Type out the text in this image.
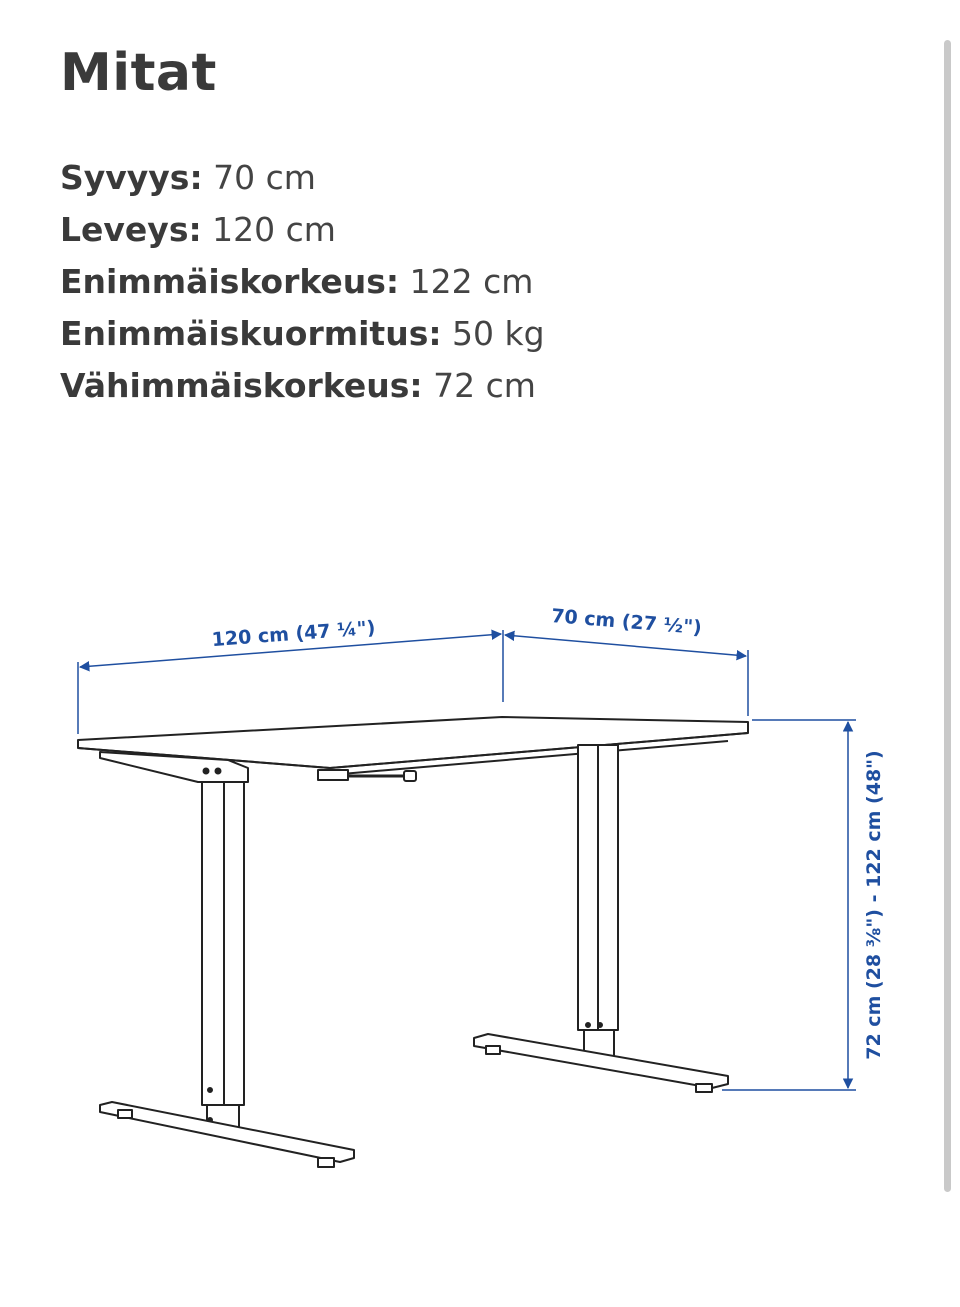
Mitat
Syvyys: 70 cm
Leveys: 120 cm
Enimmäiskorkeus: 122 cm
Enimmäiskuormitus: 50 kg
Vähimmäiskorkeus: 72 cm
120 cm (47 ¼")	70 cm (27 ½")
72 cm (28 ⅜") - 122 cm (48")
